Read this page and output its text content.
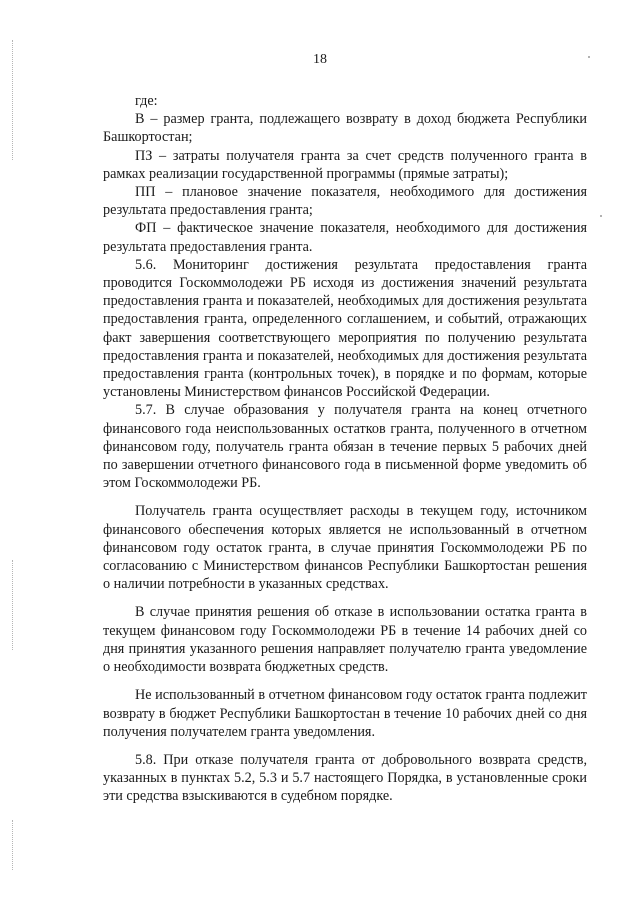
18

где:

В – размер гранта, подлежащего возврату в доход бюджета Республики Башкортостан;

ПЗ – затраты получателя гранта за счет средств полученного гранта в рамках реализации государственной программы (прямые затраты);

ПП – плановое значение показателя, необходимого для достижения результата предоставления гранта;

ФП – фактическое значение показателя, необходимого для достижения результата предоставления гранта.

5.6. Мониторинг достижения результата предоставления гранта проводится Госкоммолодежи РБ исходя из достижения значений результата предоставления гранта и показателей, необходимых для достижения результата предоставления гранта, определенного соглашением, и событий, отражающих факт завершения соответствующего мероприятия по получению результата предоставления гранта и показателей, необходимых для достижения результата предоставления гранта (контрольных точек), в порядке и по формам, которые установлены Министерством финансов Российской Федерации.

5.7. В случае образования у получателя гранта на конец отчетного финансового года неиспользованных остатков гранта, полученного в отчетном финансовом году, получатель гранта обязан в течение первых 5 рабочих дней по завершении отчетного финансового года в письменной форме уведомить об этом Госкоммолодежи РБ.

Получатель гранта осуществляет расходы в текущем году, источником финансового обеспечения которых является не использованный в отчетном финансовом году остаток гранта, в случае принятия Госкоммолодежи РБ по согласованию с Министерством финансов Республики Башкортостан решения о наличии потребности в указанных средствах.

В случае принятия решения об отказе в использовании остатка гранта в текущем финансовом году Госкоммолодежи РБ в течение 14 рабочих дней со дня принятия указанного решения направляет получателю гранта уведомление о необходимости возврата бюджетных средств.

Не использованный в отчетном финансовом году остаток гранта подлежит возврату в бюджет Республики Башкортостан в течение 10 рабочих дней со дня получения получателем гранта уведомления.

5.8. При отказе получателя гранта от добровольного возврата средств, указанных в пунктах 5.2, 5.3 и 5.7 настоящего Порядка, в установленные сроки эти средства взыскиваются в судебном порядке.
